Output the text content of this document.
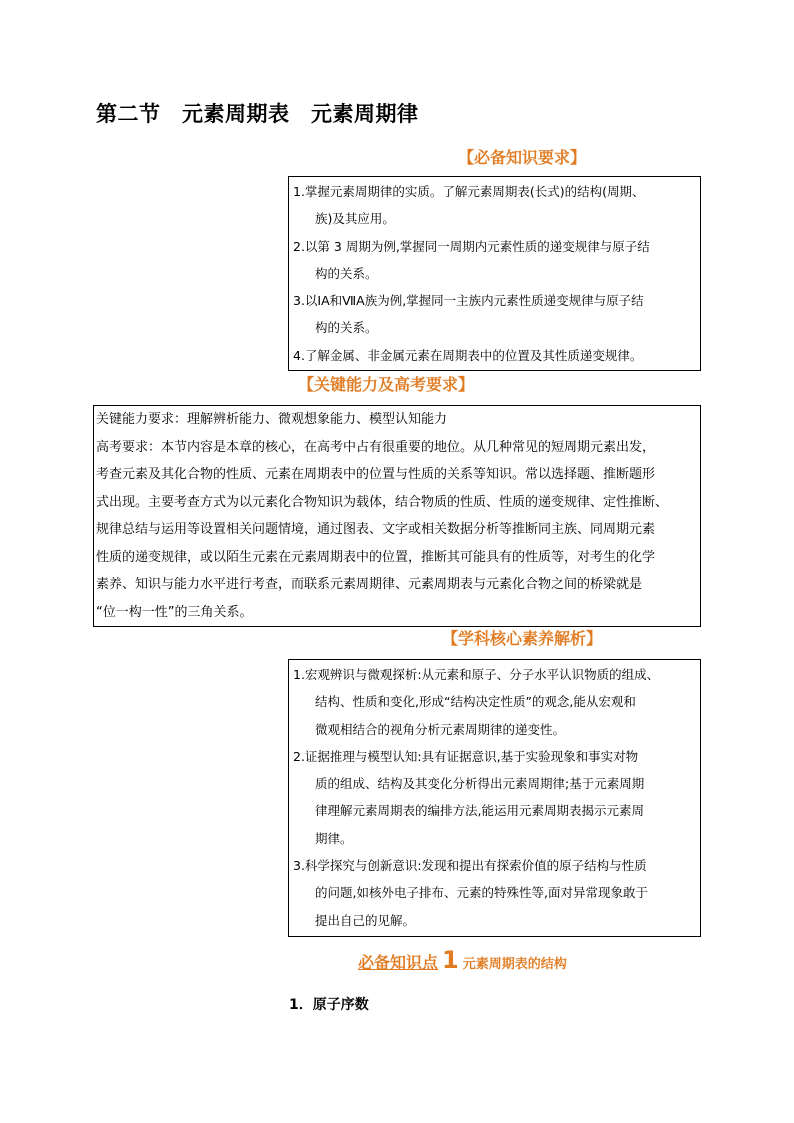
第二节　元素周期表　元素周期律
【必备知识要求】

1.掌握元素周期律的实质。了解元素周期表(长式)的结构(周期、

族)及其应用。

2.以第 3 周期为例,掌握同一周期内元素性质的递变规律与原子结

构的关系。

3.以ⅠA和ⅦA族为例,掌握同一主族内元素性质递变规律与原子结

构的关系。

4.了解金属、非金属元素在周期表中的位置及其性质递变规律。

【关键能力及高考要求】

关键能力要求：理解辨析能力、微观想象能力、模型认知能力

高考要求：本节内容是本章的核心，在高考中占有很重要的地位。从几种常见的短周期元素出发，

考查元素及其化合物的性质、元素在周期表中的位置与性质的关系等知识。常以选择题、推断题形

式出现。主要考查方式为以元素化合物知识为载体，结合物质的性质、性质的递变规律、定性推断、

规律总结与运用等设置相关问题情境，通过图表、文字或相关数据分析等推断同主族、同周期元素

性质的递变规律，或以陌生元素在元素周期表中的位置，推断其可能具有的性质等，对考生的化学

素养、知识与能力水平进行考查，而联系元素周期律、元素周期表与元素化合物之间的桥梁就是

“位一构一性”的三角关系。

【学科核心素养解析】

1.宏观辨识与微观探析:从元素和原子、分子水平认识物质的组成、

结构、性质和变化,形成“结构决定性质”的观念,能从宏观和

微观相结合的视角分析元素周期律的递变性。

2.证据推理与模型认知:具有证据意识,基于实验现象和事实对物

质的组成、结构及其变化分析得出元素周期律;基于元素周期

律理解元素周期表的编排方法,能运用元素周期表揭示元素周

期律。

3.科学探究与创新意识:发现和提出有探索价值的原子结构与性质

的问题,如核外电子排布、元素的特殊性等,面对异常现象敢于

提出自己的见解。

必备知识点 1 元素周期表的结构
1．原子序数
